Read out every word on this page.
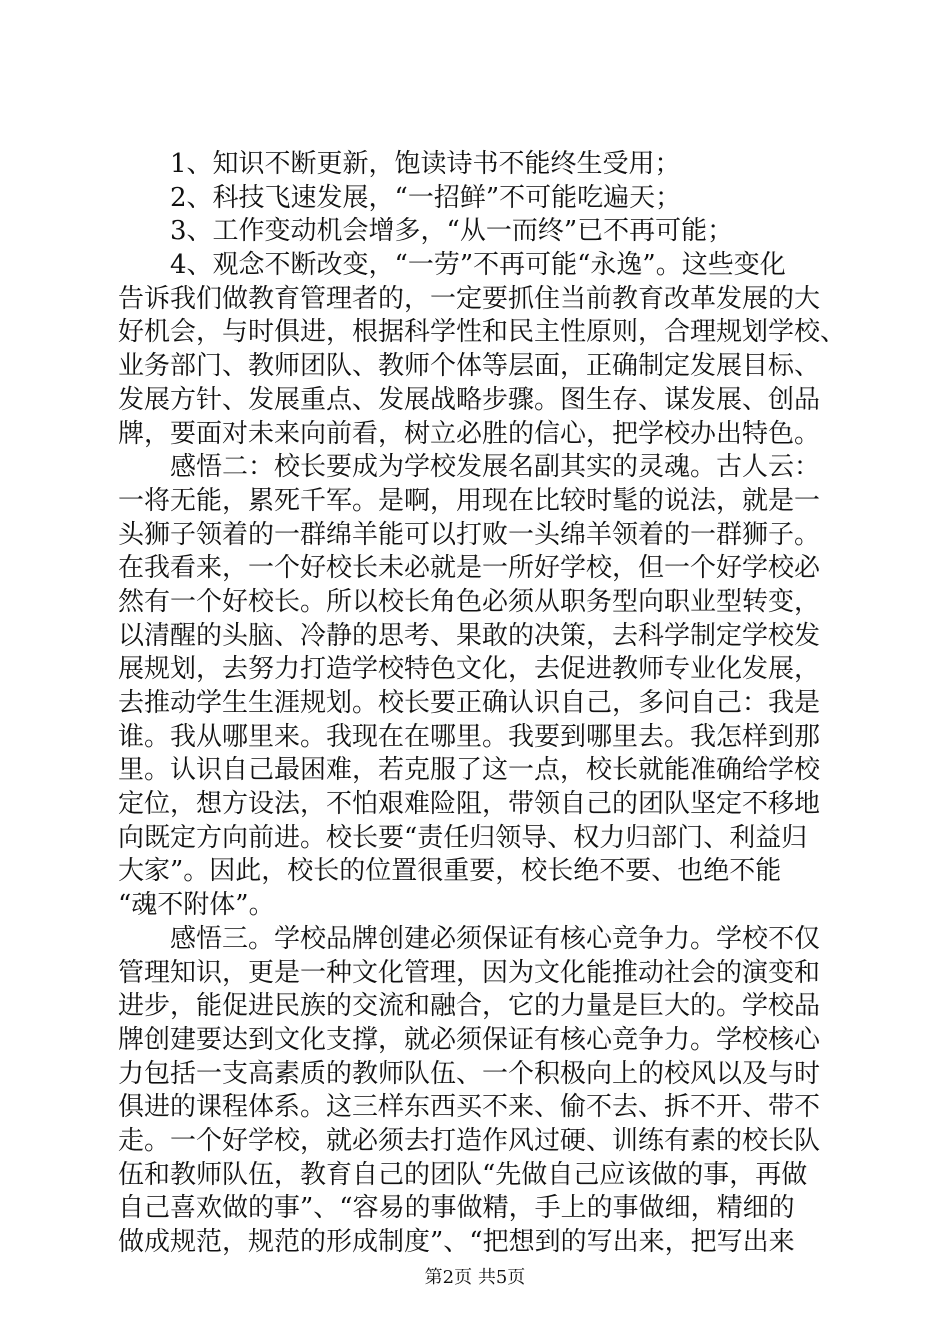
1、知识不断更新，饱读诗书不能终生受用；
2、科技飞速发展，“一招鲜”不可能吃遍天；
3、工作变动机会增多，“从一而终”已不再可能；
4、观念不断改变，“一劳”不再可能“永逸”。这些变化
告诉我们做教育管理者的，一定要抓住当前教育改革发展的大
好机会，与时俱进，根据科学性和民主性原则，合理规划学校、
业务部门、教师团队、教师个体等层面，正确制定发展目标、
发展方针、发展重点、发展战略步骤。图生存、谋发展、创品
牌，要面对未来向前看，树立必胜的信心，把学校办出特色。
感悟二：校长要成为学校发展名副其实的灵魂。古人云：
一将无能，累死千军。是啊，用现在比较时髦的说法，就是一
头狮子领着的一群绵羊能可以打败一头绵羊领着的一群狮子。
在我看来，一个好校长未必就是一所好学校，但一个好学校必
然有一个好校长。所以校长角色必须从职务型向职业型转变，
以清醒的头脑、冷静的思考、果敢的决策，去科学制定学校发
展规划，去努力打造学校特色文化，去促进教师专业化发展，
去推动学生生涯规划。校长要正确认识自己，多问自己：我是
谁。我从哪里来。我现在在哪里。我要到哪里去。我怎样到那
里。认识自己最困难，若克服了这一点，校长就能准确给学校
定位，想方设法，不怕艰难险阻，带领自己的团队坚定不移地
向既定方向前进。校长要“责任归领导、权力归部门、利益归
大家”。因此，校长的位置很重要，校长绝不要、也绝不能
“魂不附体”。
感悟三。学校品牌创建必须保证有核心竞争力。学校不仅
管理知识，更是一种文化管理，因为文化能推动社会的演变和
进步，能促进民族的交流和融合，它的力量是巨大的。学校品
牌创建要达到文化支撑，就必须保证有核心竞争力。学校核心
力包括一支高素质的教师队伍、一个积极向上的校风以及与时
俱进的课程体系。这三样东西买不来、偷不去、拆不开、带不
走。一个好学校，就必须去打造作风过硬、训练有素的校长队
伍和教师队伍，教育自己的团队“先做自己应该做的事，再做
自己喜欢做的事”、“容易的事做精，手上的事做细，精细的
做成规范，规范的形成制度”、“把想到的写出来，把写出来
第2页 共5页
